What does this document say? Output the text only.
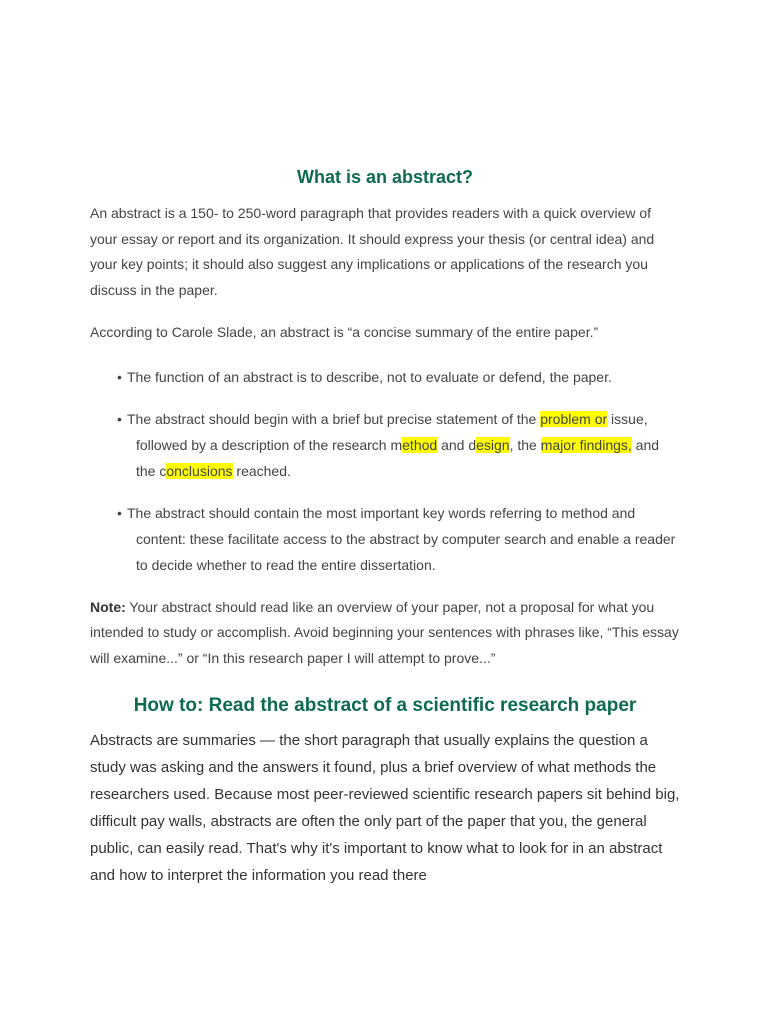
What is an abstract?

An abstract is a 150- to 250-word paragraph that provides readers with a quick overview of your essay or report and its organization. It should express your thesis (or central idea) and your key points; it should also suggest any implications or applications of the research you discuss in the paper.

According to Carole Slade, an abstract is “a concise summary of the entire paper.”

• The function of an abstract is to describe, not to evaluate or defend, the paper.
• The abstract should begin with a brief but precise statement of the problem or issue, followed by a description of the research method and design, the major findings, and the conclusions reached.
• The abstract should contain the most important key words referring to method and content: these facilitate access to the abstract by computer search and enable a reader to decide whether to read the entire dissertation.

Note: Your abstract should read like an overview of your paper, not a proposal for what you intended to study or accomplish. Avoid beginning your sentences with phrases like, “This essay will examine...” or “In this research paper I will attempt to prove...”

How to: Read the abstract of a scientific research paper

Abstracts are summaries — the short paragraph that usually explains the question a study was asking and the answers it found, plus a brief overview of what methods the researchers used. Because most peer-reviewed scientific research papers sit behind big, difficult pay walls, abstracts are often the only part of the paper that you, the general public, can easily read. That's why it's important to know what to look for in an abstract and how to interpret the information you read there
